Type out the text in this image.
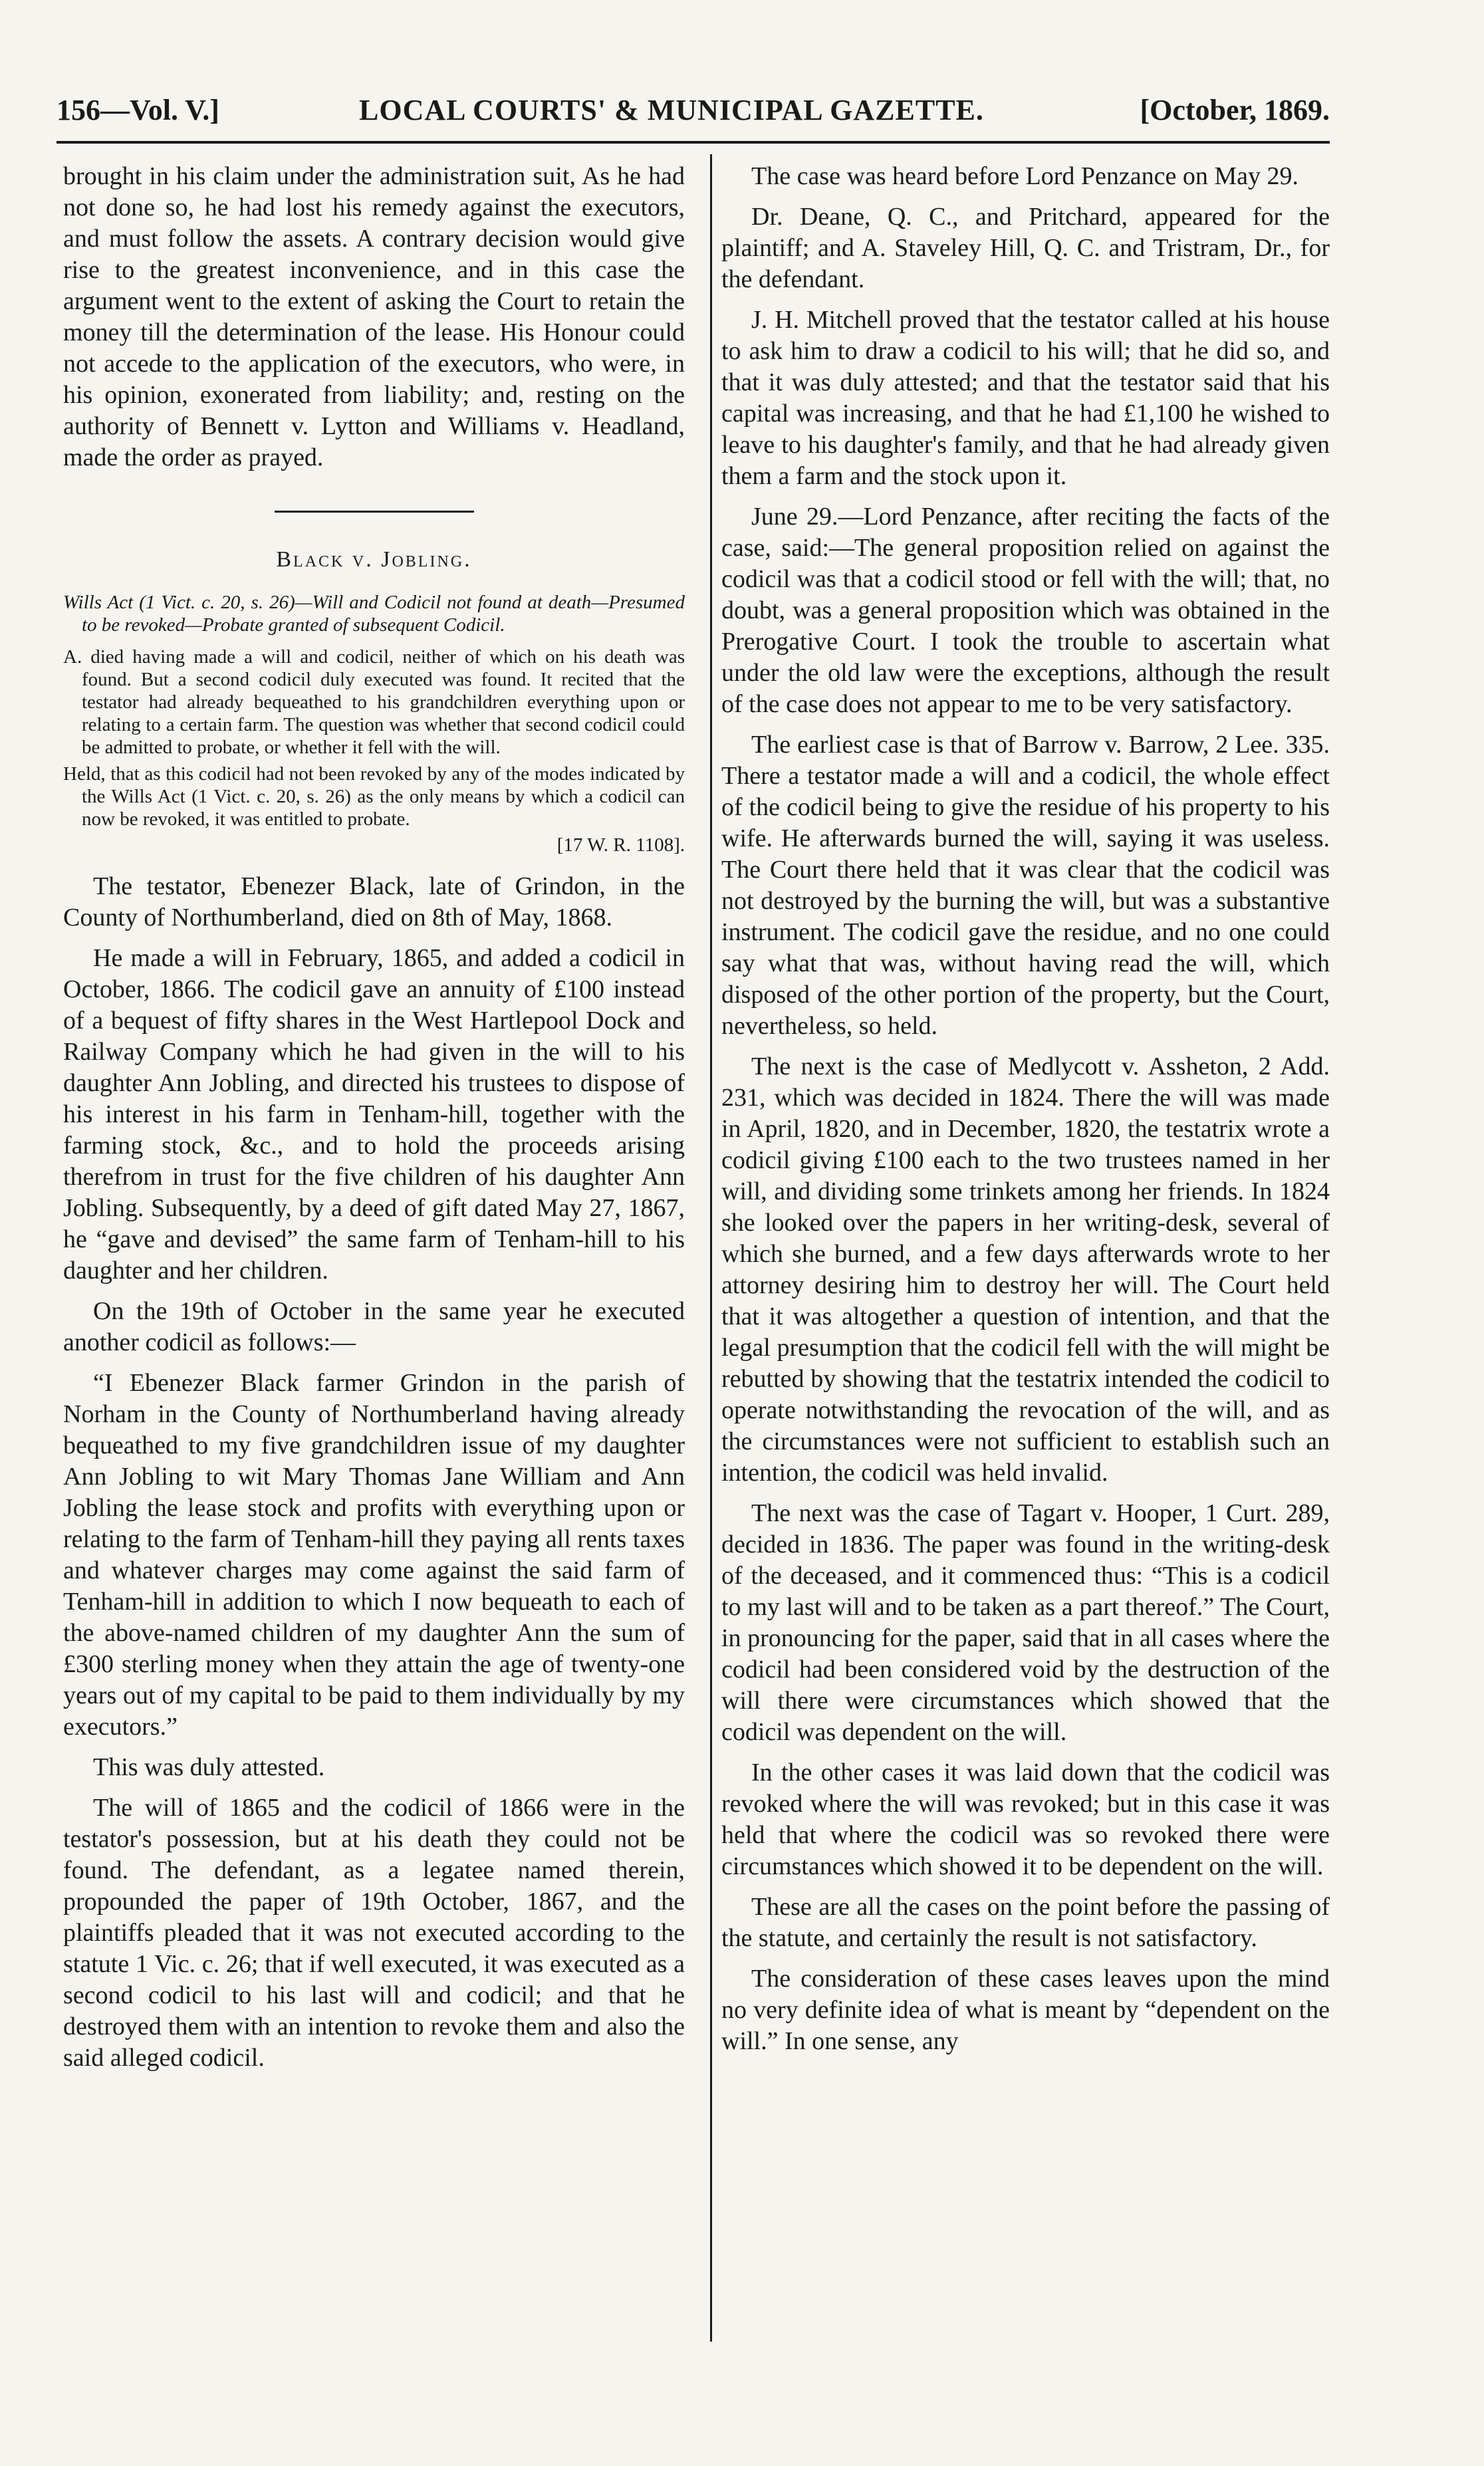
156—Vol. V.]	LOCAL COURTS' & MUNICIPAL GAZETTE.	[October, 1869.

brought in his claim under the administration suit, As he had not done so, he had lost his remedy against the executors, and must follow the assets. A contrary decision would give rise to the greatest inconvenience, and in this case the argument went to the extent of asking the Court to retain the money till the determination of the lease. His Honour could not accede to the application of the executors, who were, in his opinion, exonerated from liability; and, resting on the authority of Bennett v. Lytton and Williams v. Headland, made the order as prayed.

Black v. Jobling.
Wills Act (1 Vict. c. 20, s. 26)—Will and Codicil not found at death—Presumed to be revoked—Probate granted of subsequent Codicil.
A. died having made a will and codicil, neither of which on his death was found. But a second codicil duly executed was found. It recited that the testator had already bequeathed to his grandchildren everything upon or relating to a certain farm. The question was whether that second codicil could be admitted to probate, or whether it fell with the will.
Held, that as this codicil had not been revoked by any of the modes indicated by the Wills Act (1 Vict. c. 20, s. 26) as the only means by which a codicil can now be revoked, it was entitled to probate.
[17 W. R. 1108].

The testator, Ebenezer Black, late of Grindon, in the County of Northumberland, died on 8th of May, 1868.

He made a will in February, 1865, and added a codicil in October, 1866. The codicil gave an annuity of £100 instead of a bequest of fifty shares in the West Hartlepool Dock and Railway Company which he had given in the will to his daughter Ann Jobling, and directed his trustees to dispose of his interest in his farm in Tenham-hill, together with the farming stock, &c., and to hold the proceeds arising therefrom in trust for the five children of his daughter Ann Jobling. Subsequently, by a deed of gift dated May 27, 1867, he “gave and devised” the same farm of Tenham-hill to his daughter and her children.

On the 19th of October in the same year he executed another codicil as follows:—

“I Ebenezer Black farmer Grindon in the parish of Norham in the County of Northumberland having already bequeathed to my five grandchildren issue of my daughter Ann Jobling to wit Mary Thomas Jane William and Ann Jobling the lease stock and profits with everything upon or relating to the farm of Tenham-hill they paying all rents taxes and whatever charges may come against the said farm of Tenham-hill in addition to which I now bequeath to each of the above-named children of my daughter Ann the sum of £300 sterling money when they attain the age of twenty-one years out of my capital to be paid to them individually by my executors.”

This was duly attested.

The will of 1865 and the codicil of 1866 were in the testator's possession, but at his death they could not be found. The defendant, as a legatee named therein, propounded the paper of 19th October, 1867, and the plaintiffs pleaded that it was not executed according to the statute 1 Vic. c. 26; that if well executed, it was executed as a second codicil to his last will and codicil; and that he destroyed them with an intention to revoke them and also the said alleged codicil.

The case was heard before Lord Penzance on May 29.

Dr. Deane, Q. C., and Pritchard, appeared for the plaintiff; and A. Staveley Hill, Q. C. and Tristram, Dr., for the defendant.

J. H. Mitchell proved that the testator called at his house to ask him to draw a codicil to his will; that he did so, and that it was duly attested; and that the testator said that his capital was increasing, and that he had £1,100 he wished to leave to his daughter's family, and that he had already given them a farm and the stock upon it.

June 29.—Lord Penzance, after reciting the facts of the case, said:—The general proposition relied on against the codicil was that a codicil stood or fell with the will; that, no doubt, was a general proposition which was obtained in the Prerogative Court. I took the trouble to ascertain what under the old law were the exceptions, although the result of the case does not appear to me to be very satisfactory.

The earliest case is that of Barrow v. Barrow, 2 Lee. 335. There a testator made a will and a codicil, the whole effect of the codicil being to give the residue of his property to his wife. He afterwards burned the will, saying it was useless. The Court there held that it was clear that the codicil was not destroyed by the burning the will, but was a substantive instrument. The codicil gave the residue, and no one could say what that was, without having read the will, which disposed of the other portion of the property, but the Court, nevertheless, so held.

The next is the case of Medlycott v. Assheton, 2 Add. 231, which was decided in 1824. There the will was made in April, 1820, and in December, 1820, the testatrix wrote a codicil giving £100 each to the two trustees named in her will, and dividing some trinkets among her friends. In 1824 she looked over the papers in her writing-desk, several of which she burned, and a few days afterwards wrote to her attorney desiring him to destroy her will. The Court held that it was altogether a question of intention, and that the legal presumption that the codicil fell with the will might be rebutted by showing that the testatrix intended the codicil to operate notwithstanding the revocation of the will, and as the circumstances were not sufficient to establish such an intention, the codicil was held invalid.

The next was the case of Tagart v. Hooper, 1 Curt. 289, decided in 1836. The paper was found in the writing-desk of the deceased, and it commenced thus: “This is a codicil to my last will and to be taken as a part thereof.” The Court, in pronouncing for the paper, said that in all cases where the codicil had been considered void by the destruction of the will there were circumstances which showed that the codicil was dependent on the will.

In the other cases it was laid down that the codicil was revoked where the will was revoked; but in this case it was held that where the codicil was so revoked there were circumstances which showed it to be dependent on the will.

These are all the cases on the point before the passing of the statute, and certainly the result is not satisfactory.

The consideration of these cases leaves upon the mind no very definite idea of what is meant by “dependent on the will.” In one sense, any
